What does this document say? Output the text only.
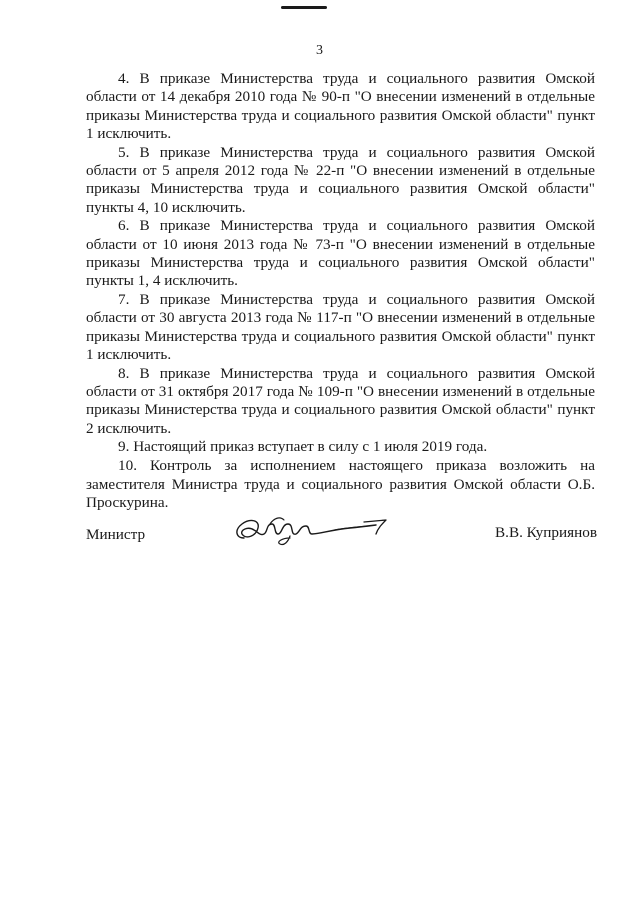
3

4. В приказе Министерства труда и социального развития Омской области от 14 декабря 2010 года № 90-п "О внесении изменений в отдельные приказы Министерства труда и социального развития Омской области" пункт 1 исключить.

5. В приказе Министерства труда и социального развития Омской области от 5 апреля 2012 года № 22-п "О внесении изменений в отдельные приказы Министерства труда и социального развития Омской области" пункты 4, 10 исключить.

6. В приказе Министерства труда и социального развития Омской области от 10 июня 2013 года № 73-п "О внесении изменений в отдельные приказы Министерства труда и социального развития Омской области" пункты 1, 4 исключить.

7. В приказе Министерства труда и социального развития Омской области от 30 августа 2013 года № 117-п "О внесении изменений в отдельные приказы Министерства труда и социального развития Омской области" пункт 1 исключить.

8. В приказе Министерства труда и социального развития Омской области от 31 октября 2017 года № 109-п "О внесении изменений в отдельные приказы Министерства труда и социального развития Омской области" пункт 2 исключить.

9. Настоящий приказ вступает в силу с 1 июля 2019 года.

10. Контроль за исполнением настоящего приказа возложить на заместителя Министра труда и социального развития Омской области О.Б. Проскурина.

Министр	В.В. Куприянов
